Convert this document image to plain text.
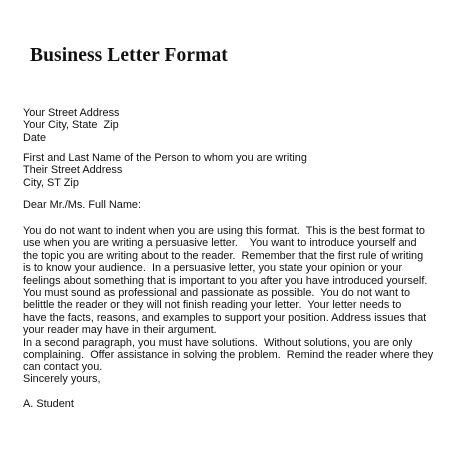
Business Letter Format
Your Street Address
Your City, State  Zip
Date
First and Last Name of the Person to whom you are writing
Their Street Address
City, ST Zip
Dear Mr./Ms. Full Name:
You do not want to indent when you are using this format.  This is the best format to
use when you are writing a persuasive letter.    You want to introduce yourself and
the topic you are writing about to the reader.  Remember that the first rule of writing
is to know your audience.  In a persuasive letter, you state your opinion or your
feelings about something that is important to you after you have introduced yourself.
You must sound as professional and passionate as possible.  You do not want to
belittle the reader or they will not finish reading your letter.  Your letter needs to
have the facts, reasons, and examples to support your position. Address issues that
your reader may have in their argument.
In a second paragraph, you must have solutions.  Without solutions, you are only
complaining.  Offer assistance in solving the problem.  Remind the reader where they
can contact you.
Sincerely yours,
A. Student
